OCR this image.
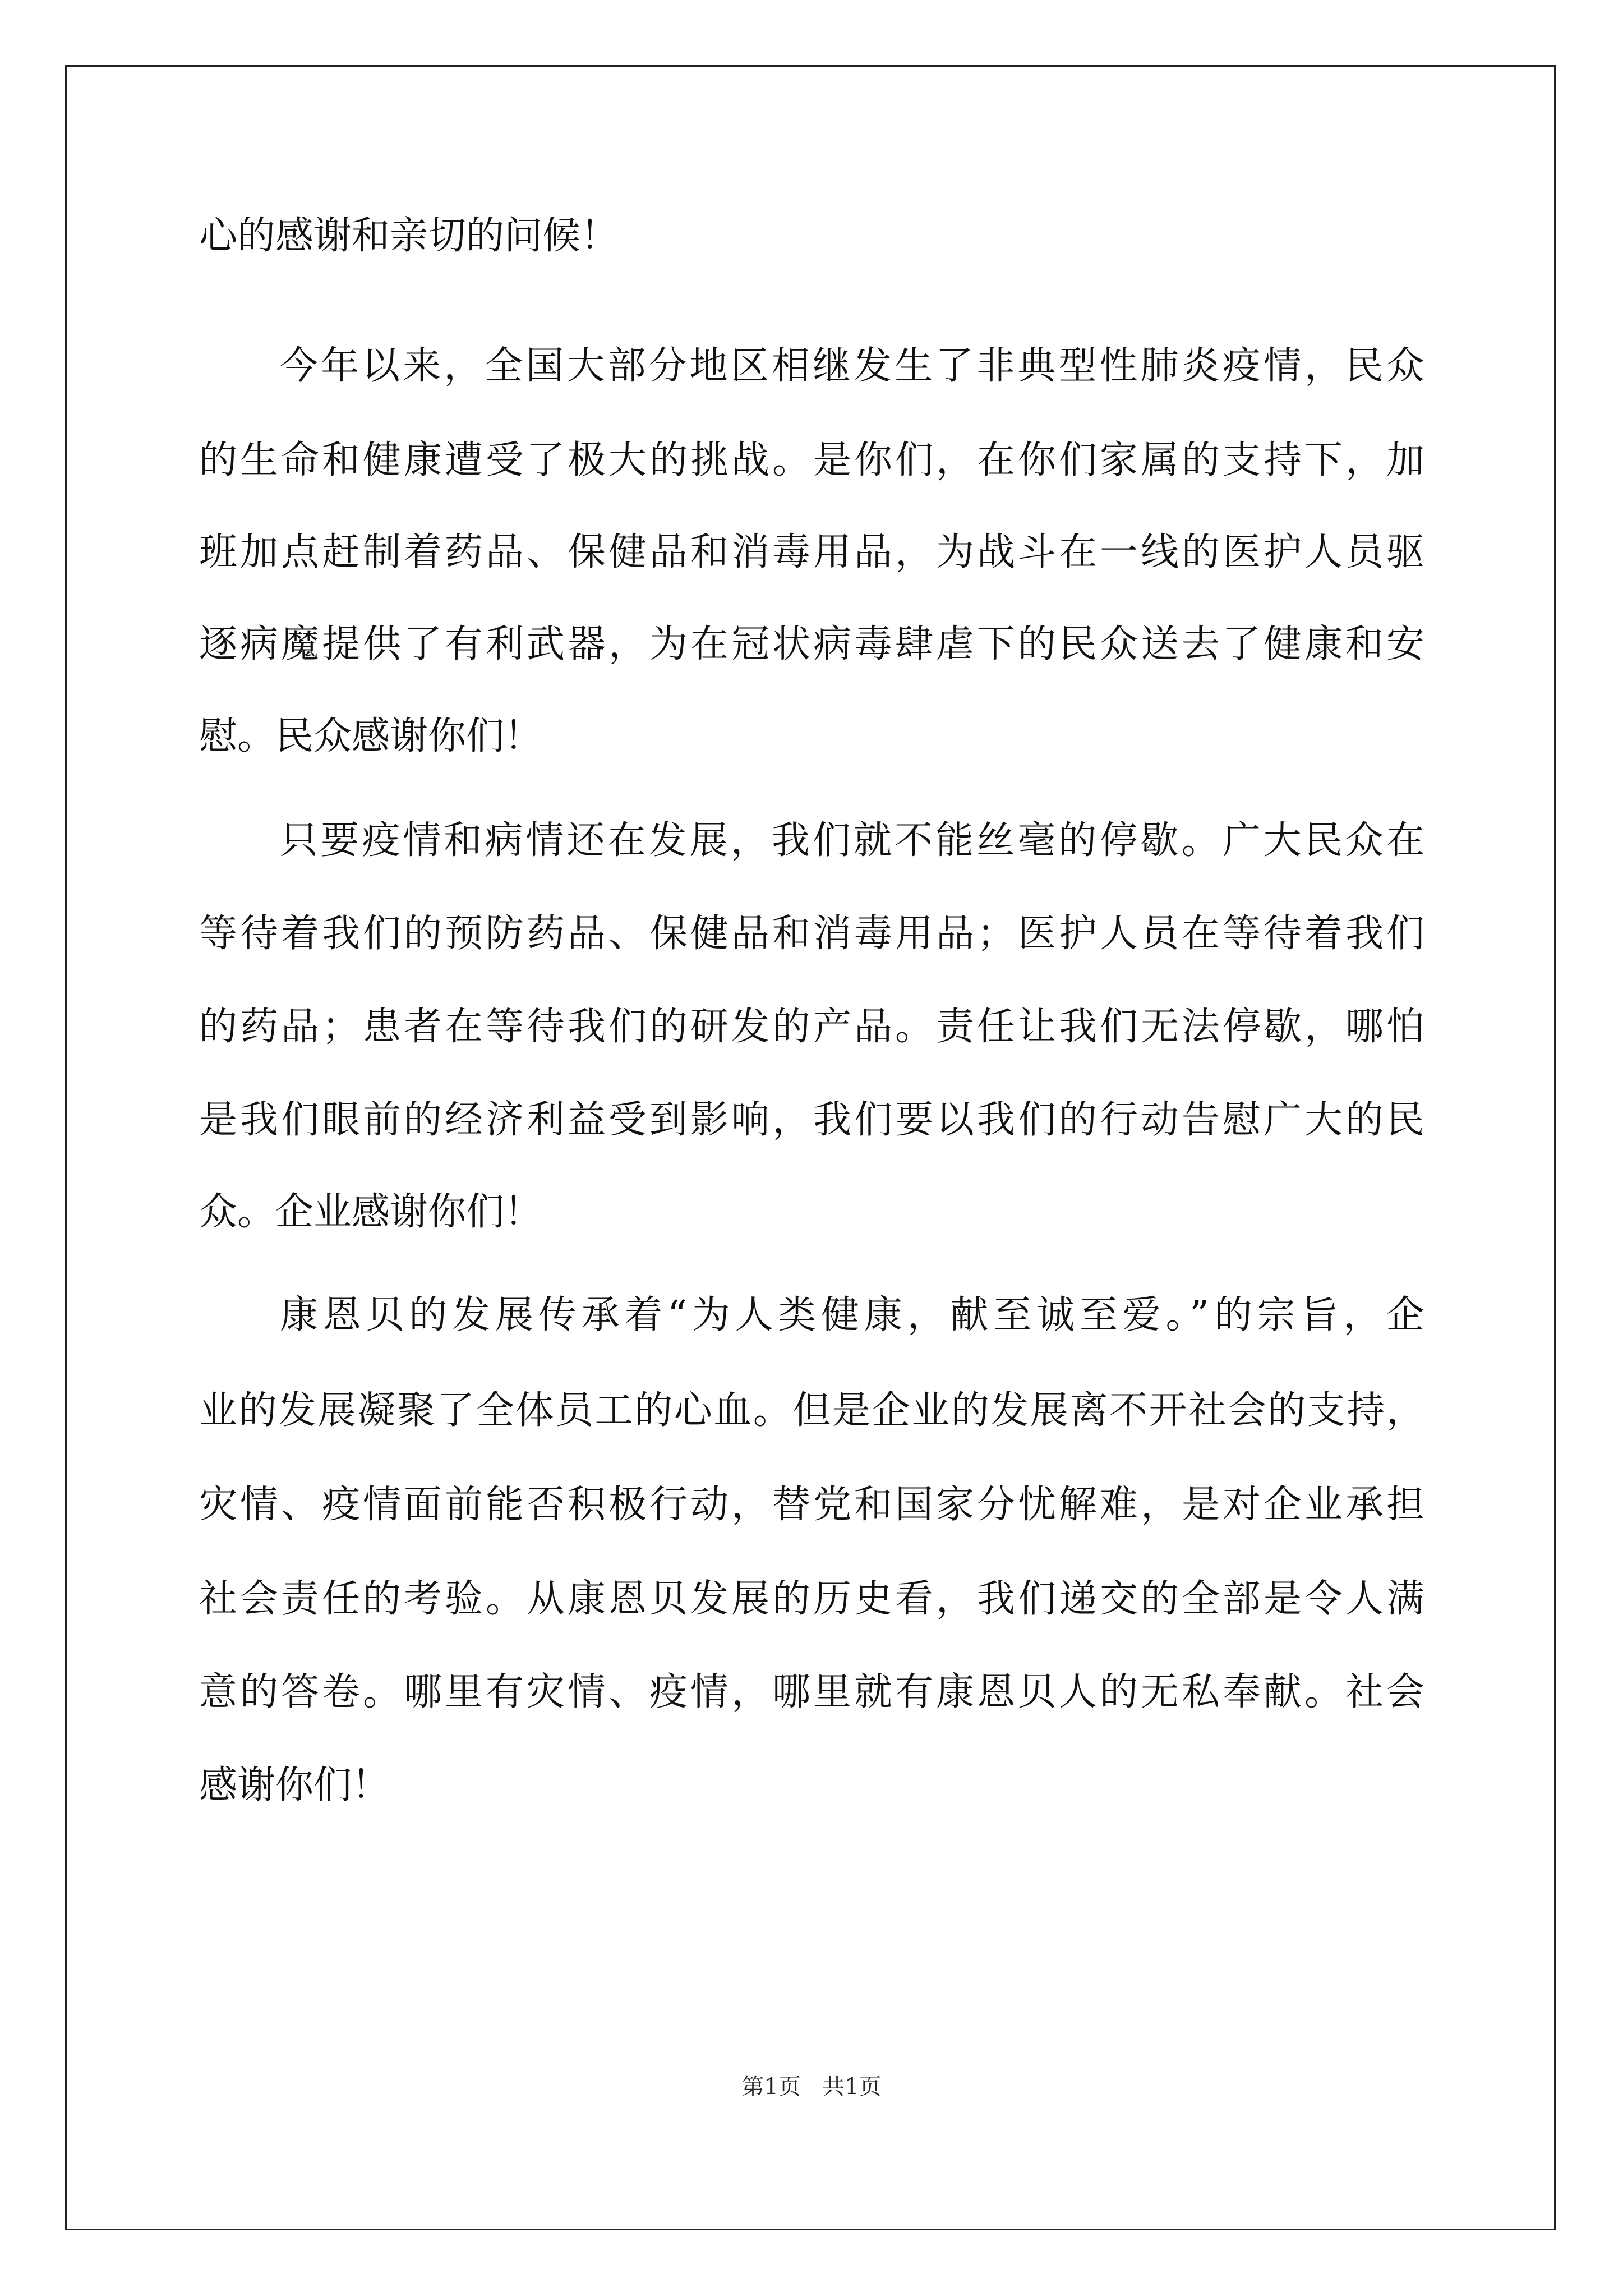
心的感谢和亲切的问候！
今年以来，全国大部分地区相继发生了非典型性肺炎疫情，民众
的生命和健康遭受了极大的挑战。是你们，在你们家属的支持下，加
班加点赶制着药品、保健品和消毒用品，为战斗在一线的医护人员驱
逐病魔提供了有利武器，为在冠状病毒肆虐下的民众送去了健康和安
慰。民众感谢你们！
只要疫情和病情还在发展，我们就不能丝毫的停歇。广大民众在
等待着我们的预防药品、保健品和消毒用品；医护人员在等待着我们
的药品；患者在等待我们的研发的产品。责任让我们无法停歇，哪怕
是我们眼前的经济利益受到影响，我们要以我们的行动告慰广大的民
众。企业感谢你们！
康恩贝的发展传承着“为人类健康，献至诚至爱。”的宗旨，企
业的发展凝聚了全体员工的心血。但是企业的发展离不开社会的支持，
灾情、疫情面前能否积极行动，替党和国家分忧解难，是对企业承担
社会责任的考验。从康恩贝发展的历史看，我们递交的全部是令人满
意的答卷。哪里有灾情、疫情，哪里就有康恩贝人的无私奉献。社会
感谢你们！
第1页 共1页
